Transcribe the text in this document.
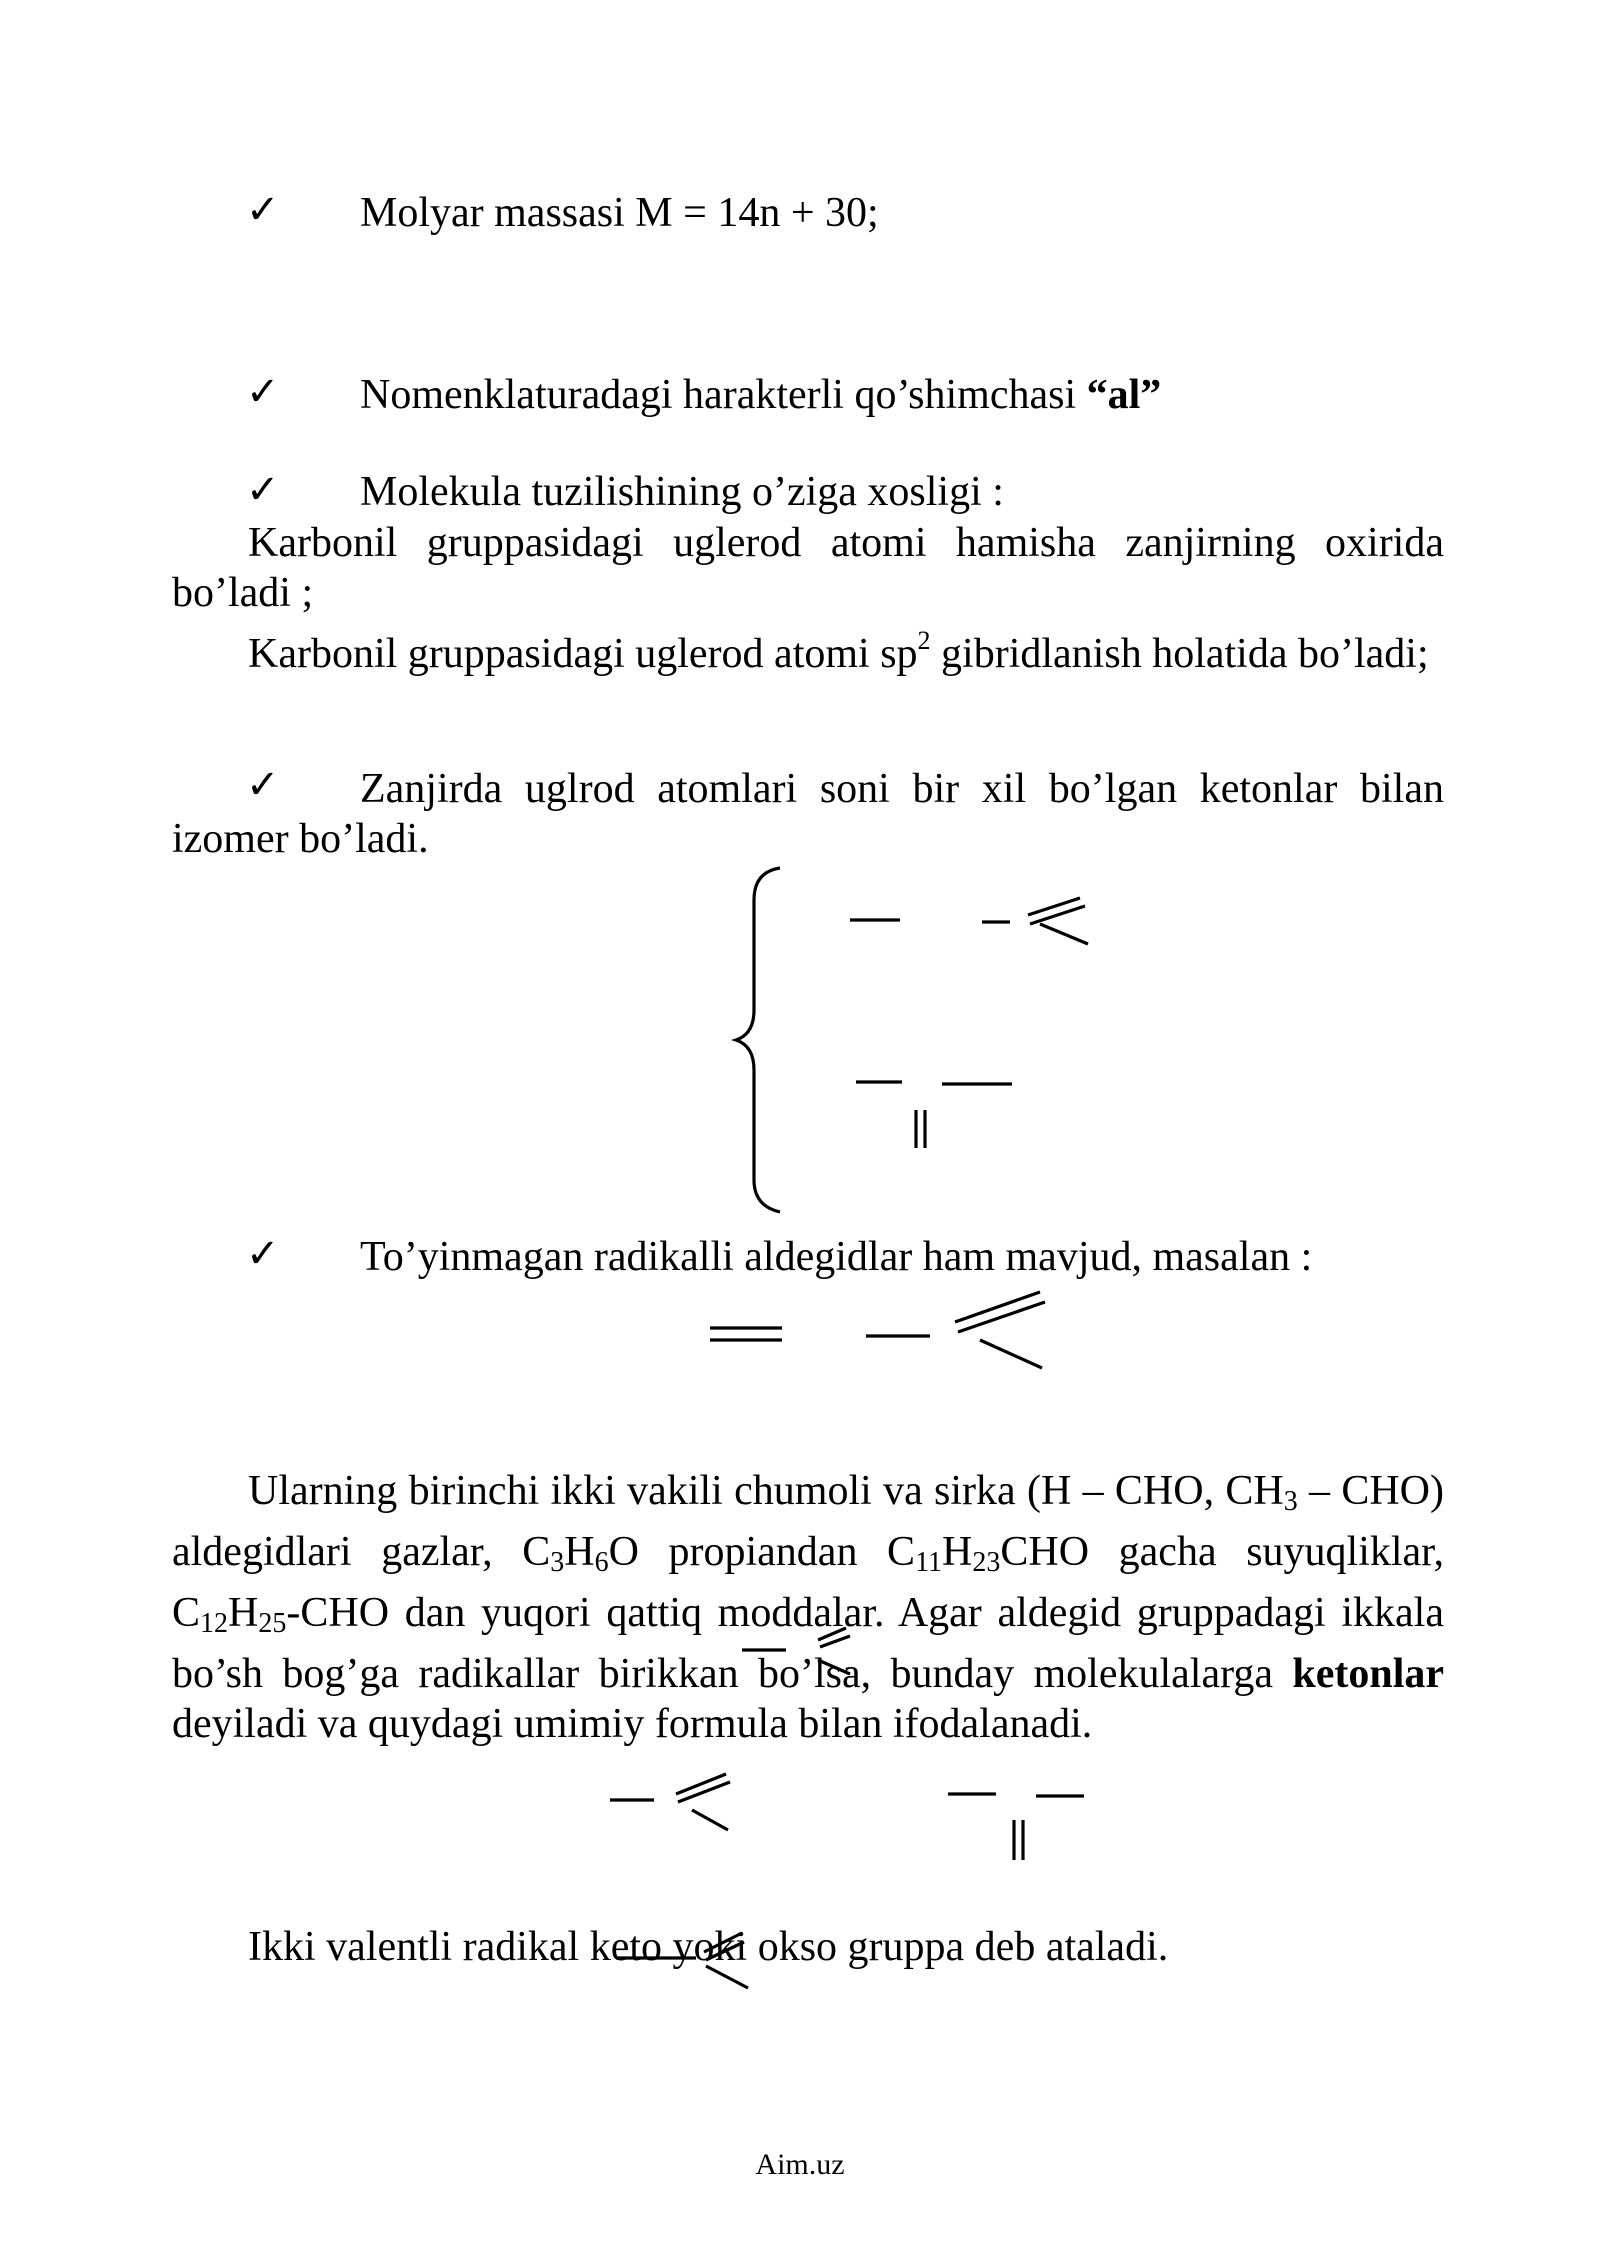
✓ Molyar massasi M = 14n + 30;
✓ Nomenklaturadagi harakterli qo’shimchasi “al”
✓ Molekula tuzilishining o’ziga xosligi :
Karbonil gruppasidagi uglerod atomi hamisha zanjirning oxirida bo’ladi ;
Karbonil gruppasidagi uglerod atomi $sp^2$ gibridlanish holatida bo’ladi;
✓	Zanjirda uglrod atomlari soni bir xil bo’lgan ketonlar bilan izomer bo’ladi.
✓ To’yinmagan radikalli aldegidlar ham mavjud, masalan :
Ularning birinchi ikki vakili chumoli va sirka (H – CHO, $CH_3 - CHO$) aldegidlari gazlar, $C_3H_6O$ propiandan $C_{11}H_{23}CHO$ gacha suyuqliklar, $C_{12}H_{25}$-CHO dan yuqori qattiq moddalar. Agar aldegid gruppadagi ikkala bo’sh bog’ga radikallar birikkan bo’lsa, bunday molekulalarga ketonlar deyiladi va quydagi umimiy formula bilan ifodalanadi.
Ikki valentli radikal keto yoki okso gruppa deb ataladi.
Aim.uz
